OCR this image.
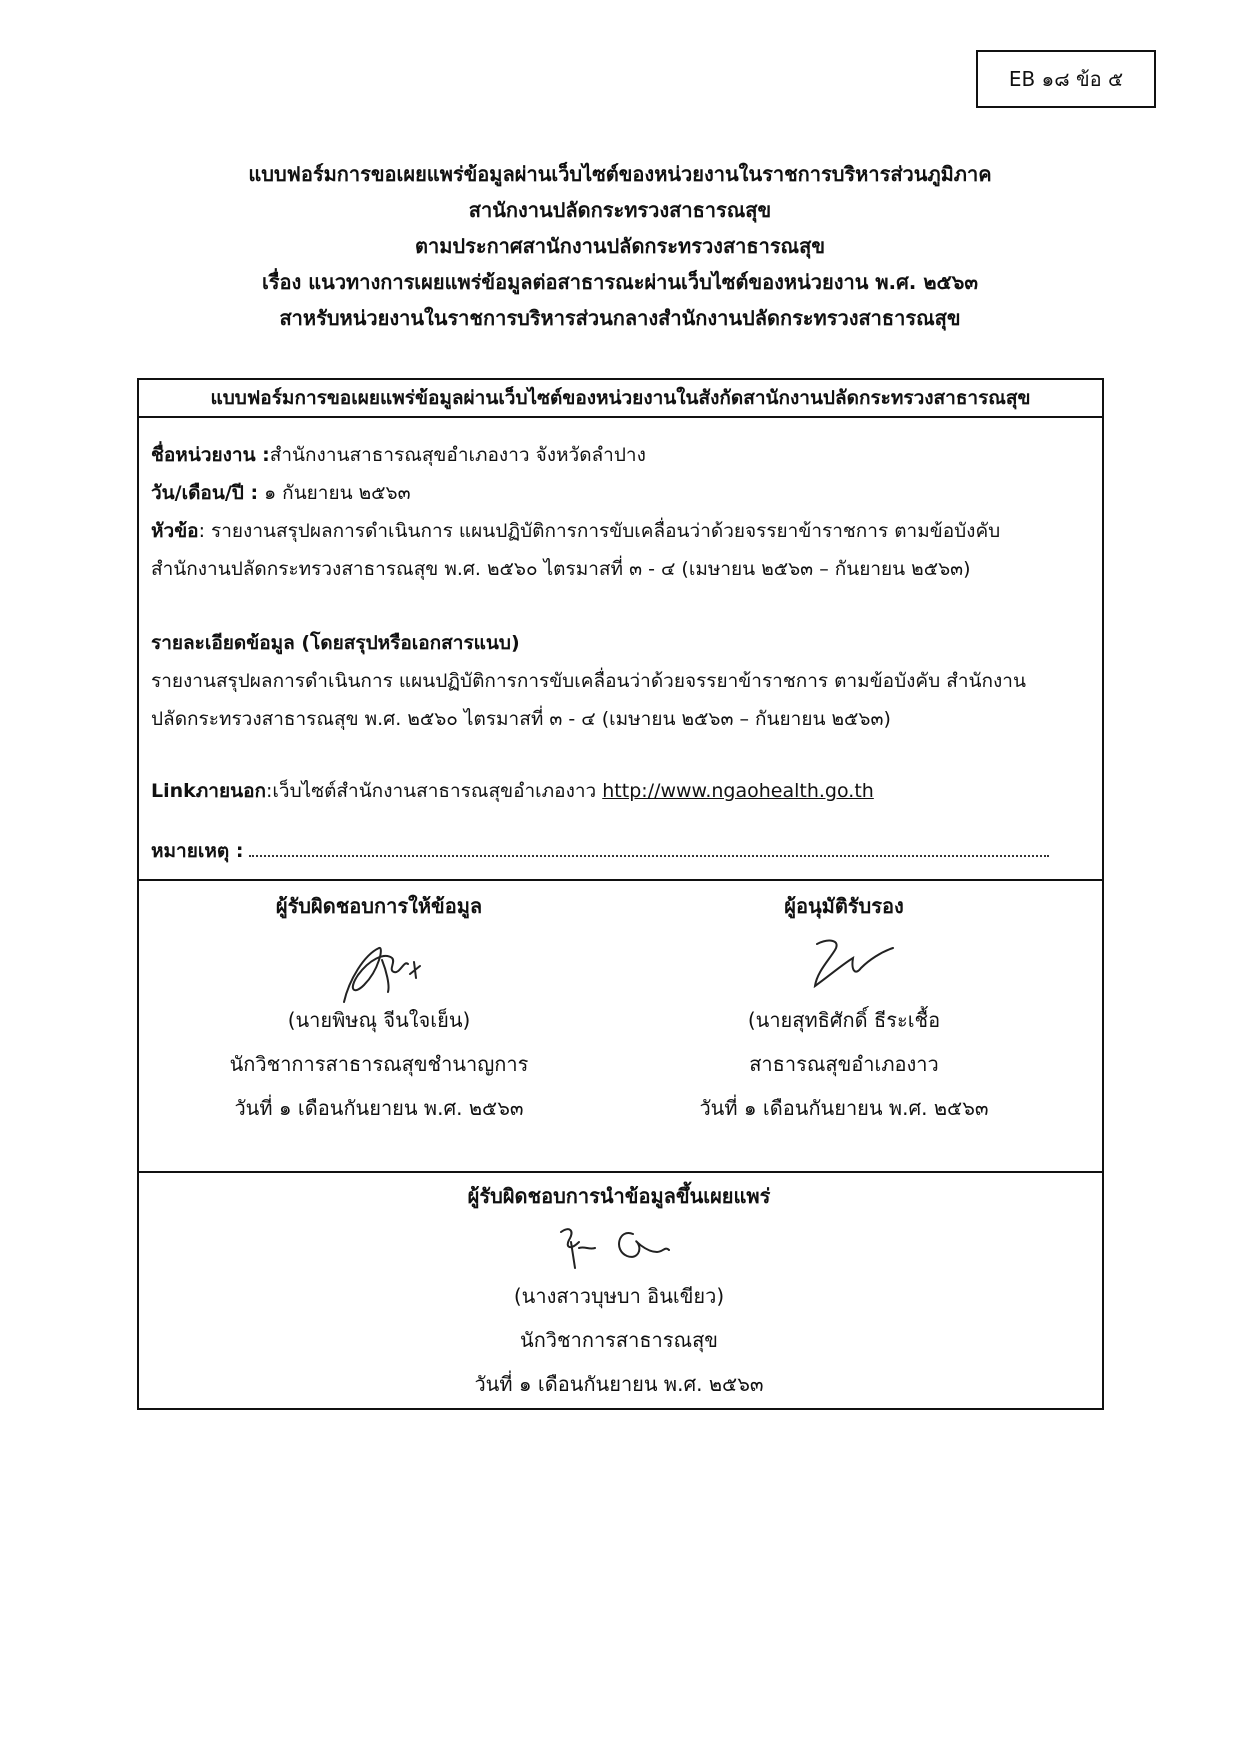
EB ๑๘ ข้อ ๕
แบบฟอร์มการขอเผยแพร่ข้อมูลผ่านเว็บไซต์ของหน่วยงานในราชการบริหารส่วนภูมิภาค
สานักงานปลัดกระทรวงสาธารณสุข
ตามประกาศสานักงานปลัดกระทรวงสาธารณสุข
เรื่อง แนวทางการเผยแพร่ข้อมูลต่อสาธารณะผ่านเว็บไซต์ของหน่วยงาน พ.ศ. ๒๕๖๓
สาหรับหน่วยงานในราชการบริหารส่วนกลางสำนักงานปลัดกระทรวงสาธารณสุข
แบบฟอร์มการขอเผยแพร่ข้อมูลผ่านเว็บไซต์ของหน่วยงานในสังกัดสานักงานปลัดกระทรวงสาธารณสุข
ชื่อหน่วยงาน :สำนักงานสาธารณสุขอำเภองาว จังหวัดลำปาง
วัน/เดือน/ปี : ๑ กันยายน ๒๕๖๓
หัวข้อ: รายงานสรุปผลการดำเนินการ แผนปฏิบัติการการขับเคลื่อนว่าด้วยจรรยาข้าราชการ ตามข้อบังคับ
สำนักงานปลัดกระทรวงสาธารณสุข พ.ศ. ๒๕๖๐ ไตรมาสที่ ๓ - ๔ (เมษายน ๒๕๖๓ – กันยายน ๒๕๖๓)
รายละเอียดข้อมูล (โดยสรุปหรือเอกสารแนบ)
รายงานสรุปผลการดำเนินการ แผนปฏิบัติการการขับเคลื่อนว่าด้วยจรรยาข้าราชการ ตามข้อบังคับ สำนักงาน
ปลัดกระทรวงสาธารณสุข พ.ศ. ๒๕๖๐ ไตรมาสที่ ๓ - ๔ (เมษายน ๒๕๖๓ – กันยายน ๒๕๖๓)
Linkภายนอก:เว็บไซต์สำนักงานสาธารณสุขอำเภองาว http://www.ngaohealth.go.th
หมายเหตุ :
ผู้รับผิดชอบการให้ข้อมูล
(นายพิษณุ จีนใจเย็น)
นักวิชาการสาธารณสุขชำนาญการ
วันที่ ๑ เดือนกันยายน พ.ศ. ๒๕๖๓
ผู้อนุมัติรับรอง
(นายสุทธิศักดิ์ ธีระเชื้อ
สาธารณสุขอำเภองาว
วันที่ ๑ เดือนกันยายน พ.ศ. ๒๕๖๓
ผู้รับผิดชอบการนำข้อมูลขึ้นเผยแพร่
(นางสาวบุษบา อินเขียว)
นักวิชาการสาธารณสุข
วันที่ ๑ เดือนกันยายน พ.ศ. ๒๕๖๓
